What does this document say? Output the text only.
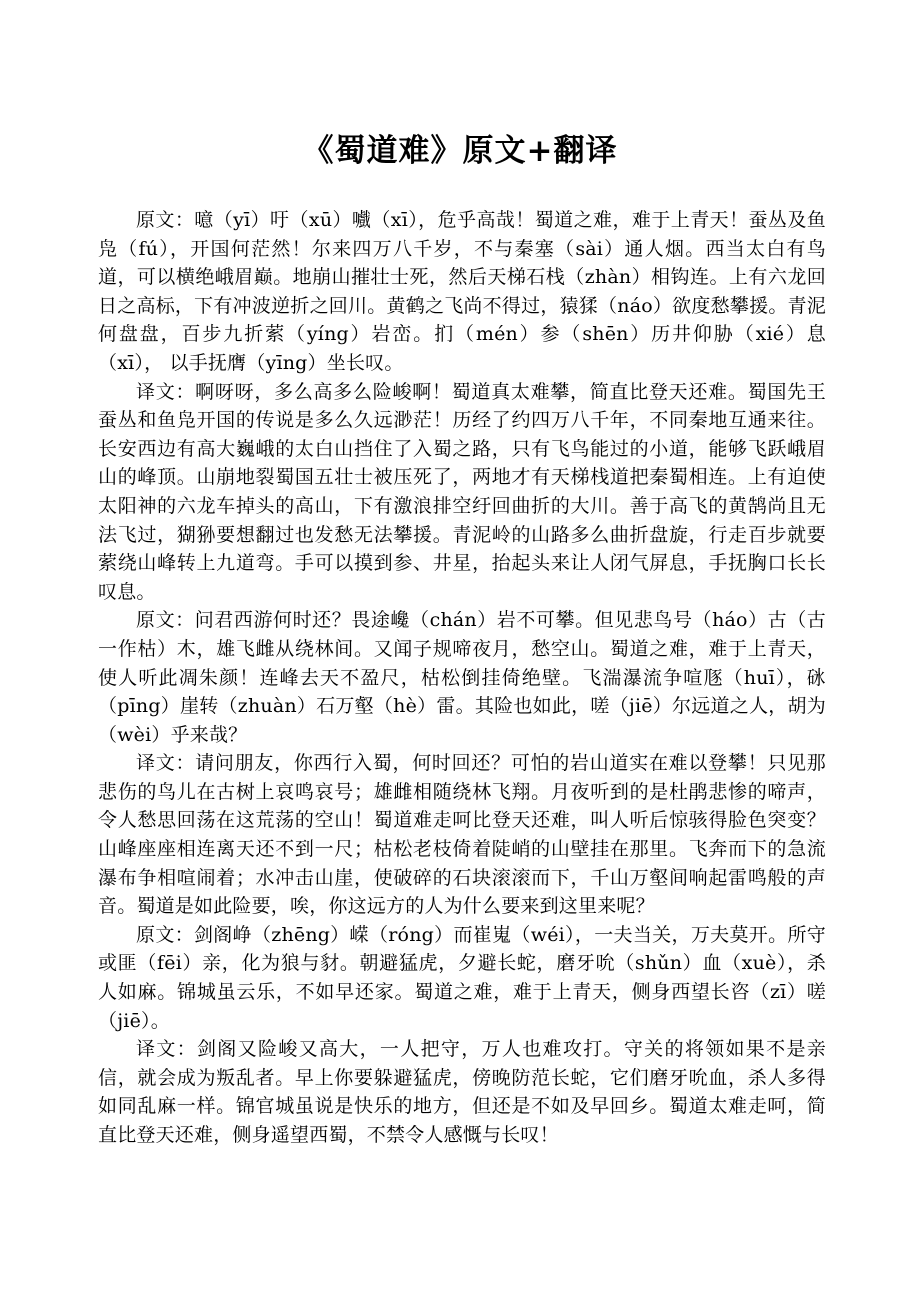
《蜀道难》原文+翻译

原文：噫（yī）吁（xū）嚱（xī），危乎高哉！蜀道之难，难于上青天！蚕丛及鱼凫（fú），开国何茫然！尔来四万八千岁，不与秦塞（sài）通人烟。西当太白有鸟道，可以横绝峨眉巅。地崩山摧壮士死，然后天梯石栈（zhàn）相钩连。上有六龙回日之高标，下有冲波逆折之回川。黄鹤之飞尚不得过，猿猱（náo）欲度愁攀援。青泥何盘盘，百步九折萦（yíng）岩峦。扪（mén）参（shēn）历井仰胁（xié）息（xī）， 以手抚膺（yīng）坐长叹。

译文：啊呀呀，多么高多么险峻啊！蜀道真太难攀，简直比登天还难。蜀国先王蚕丛和鱼凫开国的传说是多么久远渺茫！历经了约四万八千年，不同秦地互通来往。长安西边有高大巍峨的太白山挡住了入蜀之路，只有飞鸟能过的小道，能够飞跃峨眉山的峰顶。山崩地裂蜀国五壮士被压死了，两地才有天梯栈道把秦蜀相连。上有迫使太阳神的六龙车掉头的高山，下有激浪排空纡回曲折的大川。善于高飞的黄鹄尚且无法飞过，猢狲要想翻过也发愁无法攀援。青泥岭的山路多么曲折盘旋，行走百步就要萦绕山峰转上九道弯。手可以摸到参、井星，抬起头来让人闭气屏息，手抚胸口长长叹息。

原文：问君西游何时还？畏途巉（chán）岩不可攀。但见悲鸟号（háo）古（古一作枯）木，雄飞雌从绕林间。又闻子规啼夜月，愁空山。蜀道之难，难于上青天，使人听此凋朱颜！连峰去天不盈尺，枯松倒挂倚绝壁。飞湍瀑流争喧豗（huī），砯（pīng）崖转（zhuàn）石万壑（hè）雷。其险也如此，嗟（jiē）尔远道之人，胡为（wèi）乎来哉？

译文：请问朋友，你西行入蜀，何时回还？可怕的岩山道实在难以登攀！只见那悲伤的鸟儿在古树上哀鸣哀号；雄雌相随绕林飞翔。月夜听到的是杜鹃悲惨的啼声，令人愁思回荡在这荒荡的空山！蜀道难走呵比登天还难，叫人听后惊骇得脸色突变？山峰座座相连离天还不到一尺；枯松老枝倚着陡峭的山壁挂在那里。飞奔而下的急流瀑布争相喧闹着；水冲击山崖，使破碎的石块滚滚而下，千山万壑间响起雷鸣般的声音。蜀道是如此险要，唉，你这远方的人为什么要来到这里来呢？

原文：剑阁峥（zhēng）嵘（róng）而崔嵬（wéi），一夫当关，万夫莫开。所守或匪（fēi）亲，化为狼与豺。朝避猛虎，夕避长蛇，磨牙吮（shǔn）血（xuè），杀人如麻。锦城虽云乐，不如早还家。蜀道之难，难于上青天，侧身西望长咨（zī）嗟（jiē）。

译文：剑阁又险峻又高大，一人把守，万人也难攻打。守关的将领如果不是亲信，就会成为叛乱者。早上你要躲避猛虎，傍晚防范长蛇，它们磨牙吮血，杀人多得如同乱麻一样。锦官城虽说是快乐的地方，但还是不如及早回乡。蜀道太难走呵，简直比登天还难，侧身遥望西蜀，不禁令人感慨与长叹！
